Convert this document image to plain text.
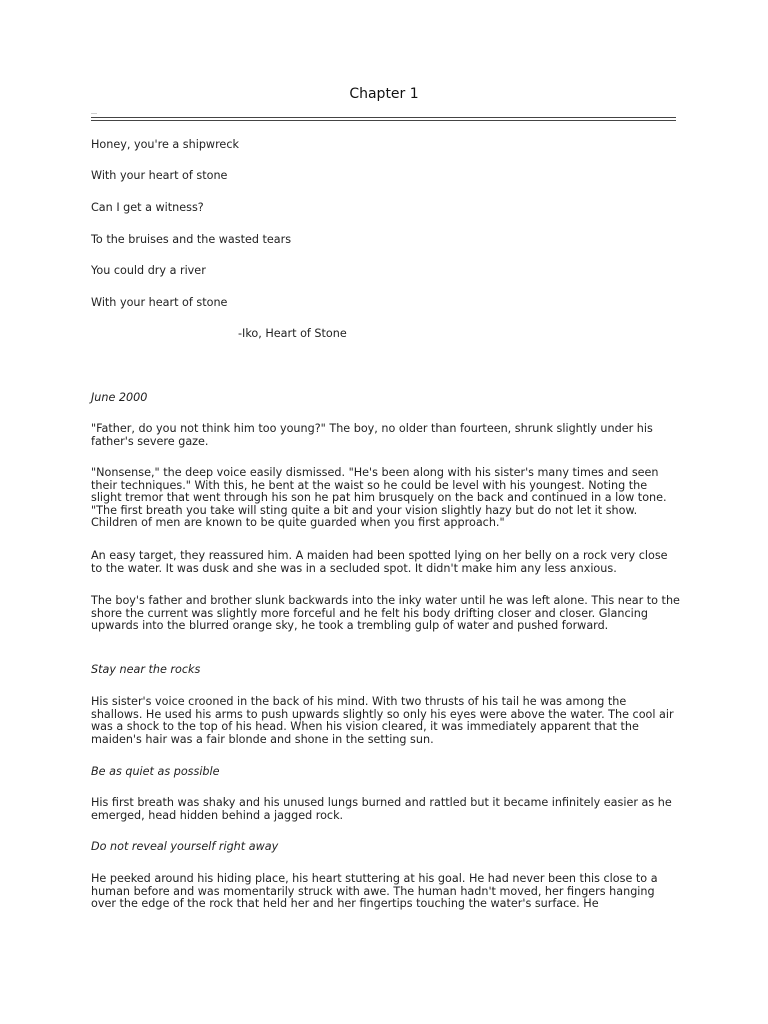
Chapter 1
…

Honey, you're a shipwreck

With your heart of stone

Can I get a witness?

To the bruises and the wasted tears

You could dry a river

With your heart of stone

-Iko, Heart of Stone

June 2000

"Father, do you not think him too young?" The boy, no older than fourteen, shrunk slightly under his father's severe gaze.

"Nonsense," the deep voice easily dismissed. "He's been along with his sister's many times and seen their techniques." With this, he bent at the waist so he could be level with his youngest. Noting the slight tremor that went through his son he pat him brusquely on the back and continued in a low tone. "The first breath you take will sting quite a bit and your vision slightly hazy but do not let it show. Children of men are known to be quite guarded when you first approach."

An easy target, they reassured him. A maiden had been spotted lying on her belly on a rock very close to the water. It was dusk and she was in a secluded spot. It didn't make him any less anxious.

The boy's father and brother slunk backwards into the inky water until he was left alone. This near to the shore the current was slightly more forceful and he felt his body drifting closer and closer. Glancing upwards into the blurred orange sky, he took a trembling gulp of water and pushed forward.

Stay near the rocks

His sister's voice crooned in the back of his mind. With two thrusts of his tail he was among the shallows. He used his arms to push upwards slightly so only his eyes were above the water. The cool air was a shock to the top of his head. When his vision cleared, it was immediately apparent that the maiden's hair was a fair blonde and shone in the setting sun.

Be as quiet as possible

His first breath was shaky and his unused lungs burned and rattled but it became infinitely easier as he emerged, head hidden behind a jagged rock.

Do not reveal yourself right away

He peeked around his hiding place, his heart stuttering at his goal. He had never been this close to a human before and was momentarily struck with awe. The human hadn't moved, her fingers hanging over the edge of the rock that held her and her fingertips touching the water's surface. He
